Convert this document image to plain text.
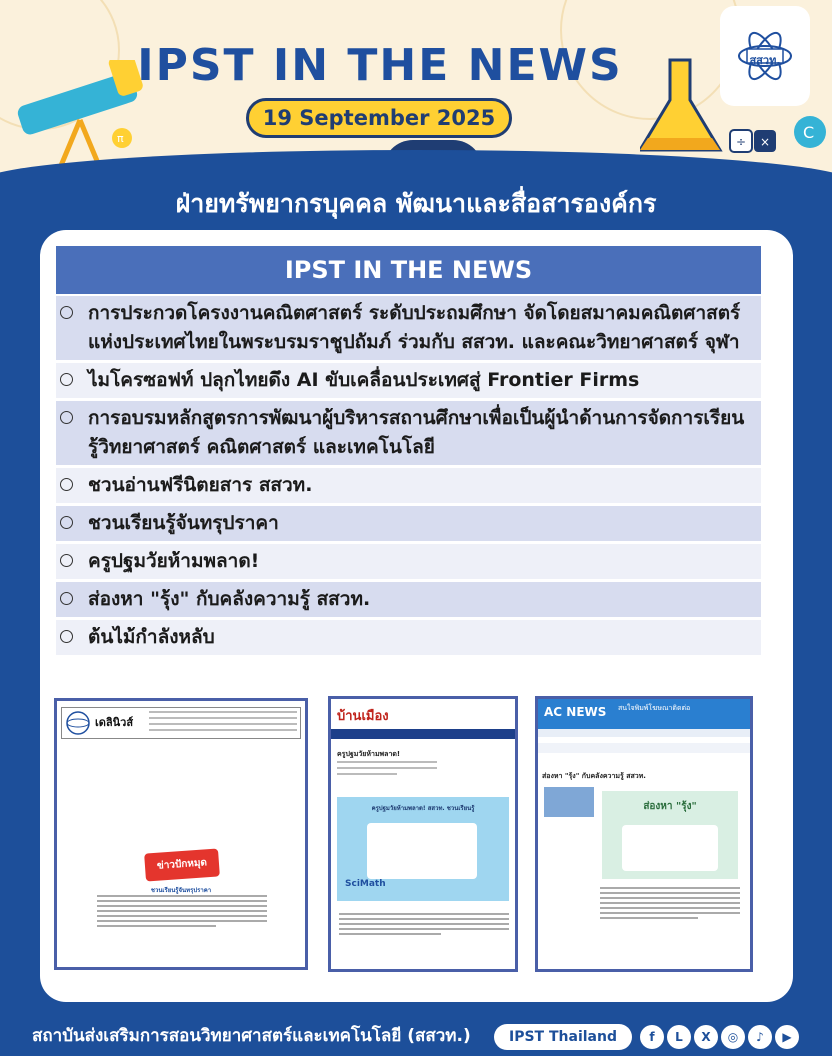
π
IPST IN THE NEWS
19 September 2025
÷ × C
สสวท.
ฝ่ายทรัพยากรบุคคล พัฒนาและสื่อสารองค์กร
IPST IN THE NEWS
การประกวดโครงงานคณิตศาสตร์ ระดับประถมศึกษา จัดโดยสมาคมคณิตศาสตร์แห่งประเทศไทยในพระบรมราชูปถัมภ์ ร่วมกับ สสวท. และคณะวิทยาศาสตร์ จุฬา
ไมโครซอฟท์ ปลุกไทยดึง AI ขับเคลื่อนประเทศสู่ Frontier Firms
การอบรมหลักสูตรการพัฒนาผู้บริหารสถานศึกษาเพื่อเป็นผู้นำด้านการจัดการเรียนรู้วิทยาศาสตร์ คณิตศาสตร์ และเทคโนโลยี
ชวนอ่านฟรีนิตยสาร สสวท.
ชวนเรียนรู้จันทรุปราคา
ครูปฐมวัยห้ามพลาด!
ส่องหา "รุ้ง" กับคลังความรู้ สสวท.
ต้นไม้กำลังหลับ
เดลินิวส์
ข่าวปักหมุด
ชวนเรียนรู้จันทรุปราคา
บ้านเมือง
ครูปฐมวัยห้ามพลาด!
ครูปฐมวัยห้ามพลาด! สสวท. ชวนเรียนรู้
SciMath
AC NEWS สนใจพิมพ์โฆษณาติดต่อ
ส่องหา "รุ้ง" กับคลังความรู้ สสวท.
ส่องหา "รุ้ง"
สถาบันส่งเสริมการสอนวิทยาศาสตร์และเทคโนโลยี (สสวท.)	IPST Thailand	f	L	X	◎	♪	▶
